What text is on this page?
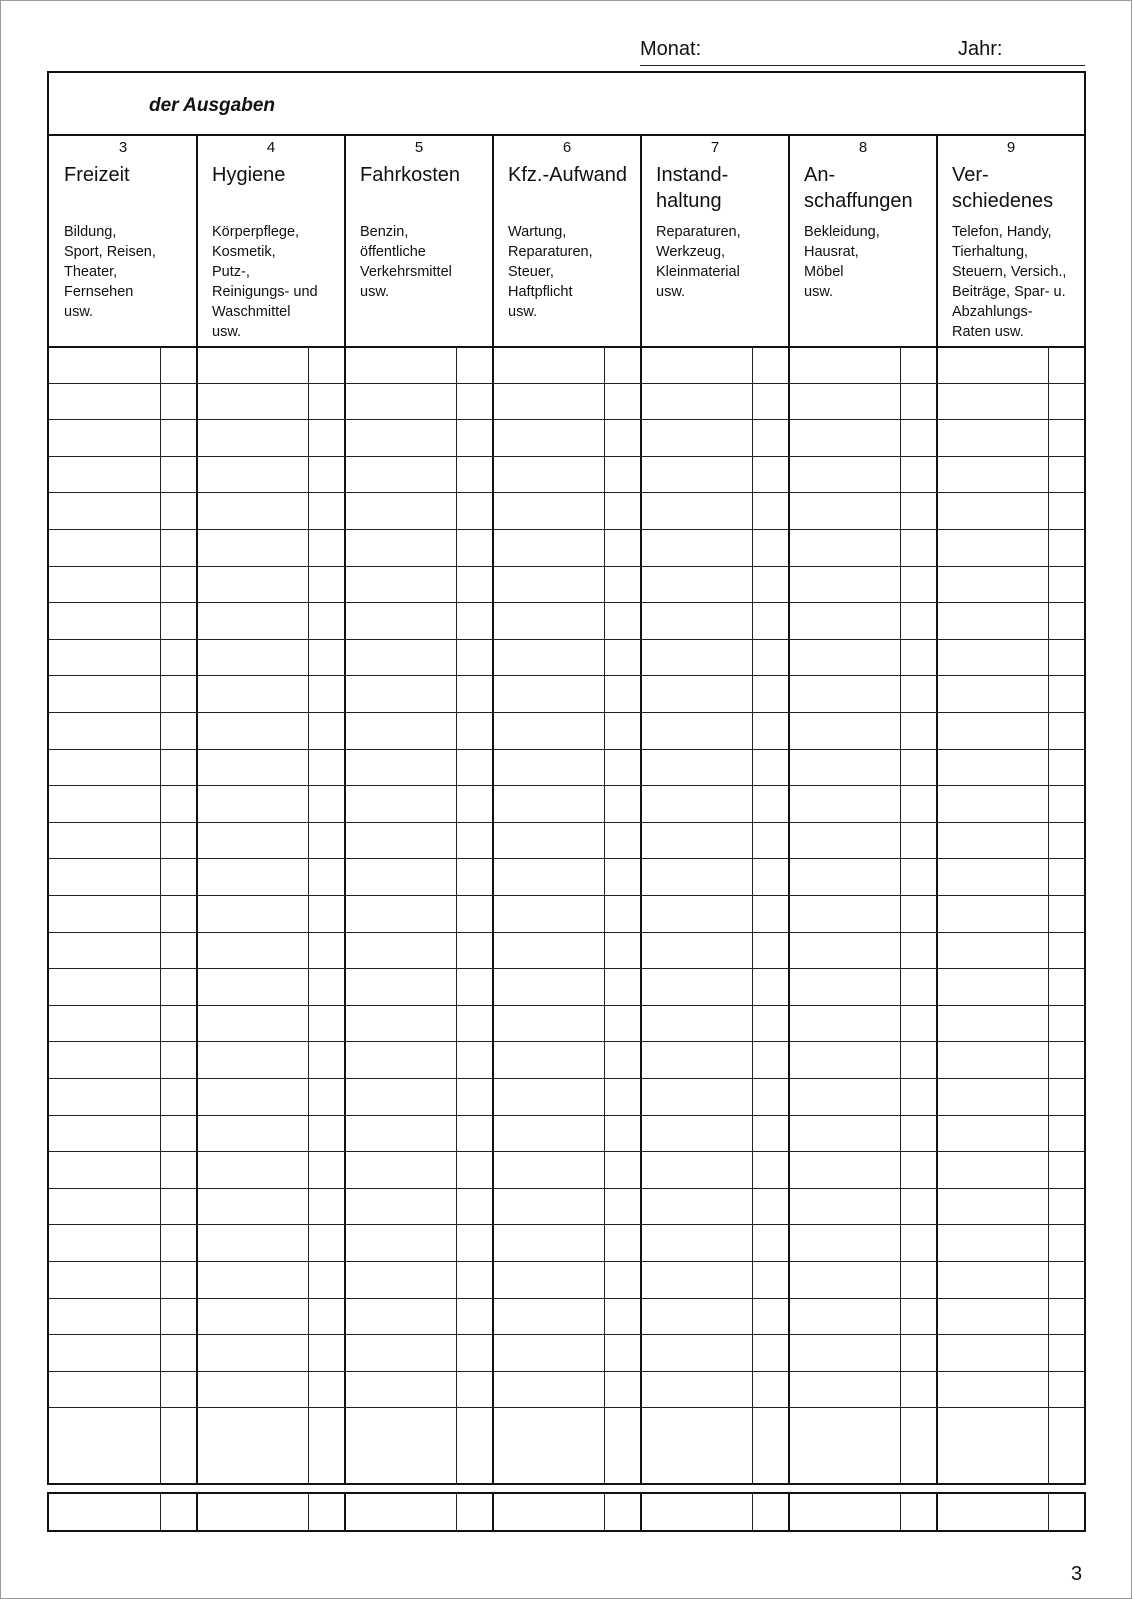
Monat:	Jahr:
der Ausgaben
3
Freizeit
Bildung,
Sport, Reisen,
Theater,
Fernsehen
usw.
4
Hygiene
Körperpflege,
Kosmetik,
Putz-,
Reinigungs- und
Waschmittel
usw.
5
Fahrkosten
Benzin,
öffentliche
Verkehrsmittel
usw.
6
Kfz.-Aufwand
Wartung,
Reparaturen,
Steuer,
Haftpflicht
usw.
7
Instand-
haltung
Reparaturen,
Werkzeug,
Kleinmaterial
usw.
8
An-
schaffungen
Bekleidung,
Hausrat,
Möbel
usw.
9
Ver-
schiedenes
Telefon, Handy,
Tierhaltung,
Steuern, Versich.,
Beiträge, Spar- u.
Abzahlungs-
Raten usw.
3
